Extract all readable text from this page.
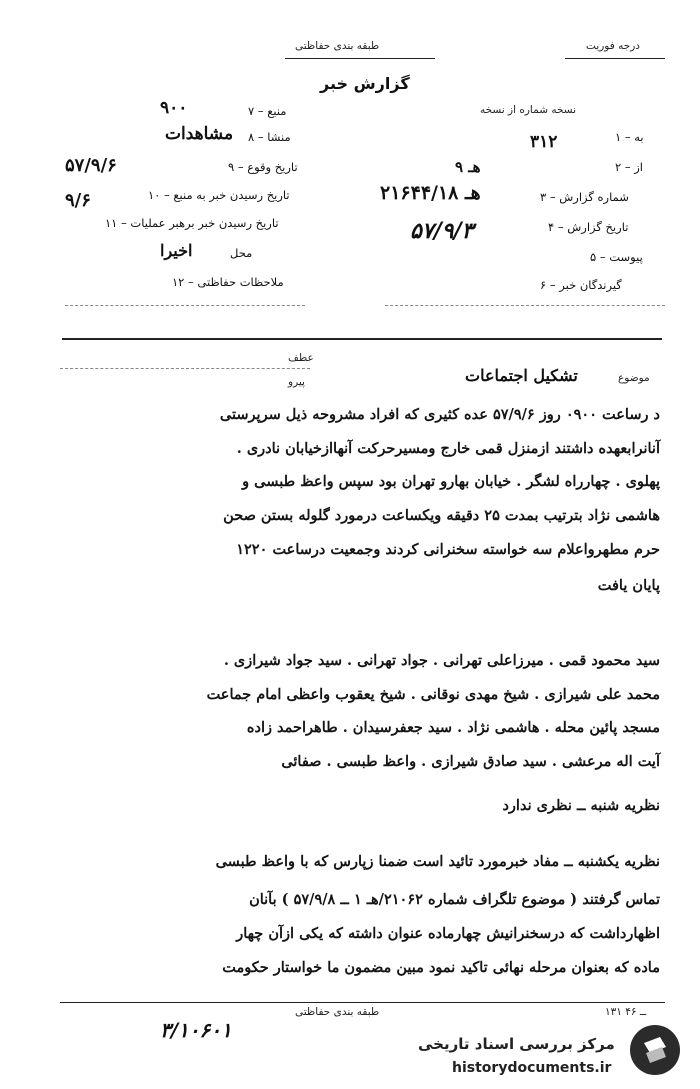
درجه فوریت
طبقه بندی حفاظتی
گزارش خبر
نسخه شماره از نسخه
۷ – منبع
۹۰۰
۸ – منشا
مشاهدات
۹ – تاریخ وقوع
۵۷/۹/۶
۱۰ – تاریخ رسیدن خبر به منبع
۹/۶
۱۱ – تاریخ رسیدن خبر برهبر عملیات
محل
اخیرا
۱۲ – ملاحظات حفاظتی
۱ – به
۳۱۲
۲ – از
۹ هـ
۳ – شماره گزارش
۲۱۶۴۴/۱۸ هـ
۴ – تاریخ گزارش
۵۷/۹/۳
۵ – پیوست
۶ – گیرندگان خبر
عطف
پیرو	موضوع
تشکیل اجتماعات
د رساعت ۰۹۰۰ روز ۵۷/۹/۶ عده کثیری که افراد مشروحه ذیل سرپرستی
آنانرابعهده داشتند ازمنزل قمی خارج ومسیرحرکت آنهاازخیابان نادری .
پهلوی . چهارراه لشگر . خیابان بهارو تهران بود سپس واعظ طبسی و
هاشمی نژاد بترتیب بمدت ۲۵ دقیقه ویکساعت درمورد گلوله بستن صحن
حرم مطهرواعلام سه خواسته سخنرانی کردند وجمعیت درساعت ۱۲۲۰
پایان یافت
سید محمود قمی . میرزاعلی تهرانی . جواد تهرانی . سید جواد شیرازی .
محمد علی شیرازی . شیخ مهدی نوقانی . شیخ یعقوب واعظی امام جماعت
مسجد پائین محله . هاشمی نژاد . سید جعفرسیدان . طاهراحمد زاده
آیت اله مرعشی . سید صادق شیرازی . واعظ طبسی . صفائی
نظریه شنبه ــ نظری ندارد
نظریه یکشنبه ــ مفاد خبرمورد تائید است ضمنا زپارس که با واعظ طبسی
تماس گرفتند ( موضوع تلگراف شماره ۲۱۰۶۲/هـ ۱ ــ ۵۷/۹/۸ ) بآنان
اظهارداشت که درسخنرانیش چهارماده عنوان داشته که یکی ازآن چهار
ماده که بعنوان مرحله نهائی تاکید نمود مبین مضمون ما خواستار حکومت
طبقه بندی حفاظتی	۱۳۱ ــ ۴۶
۳/۱۰۶۰۱
مرکز بررسی اسناد تاریخی
historydocuments.ir
